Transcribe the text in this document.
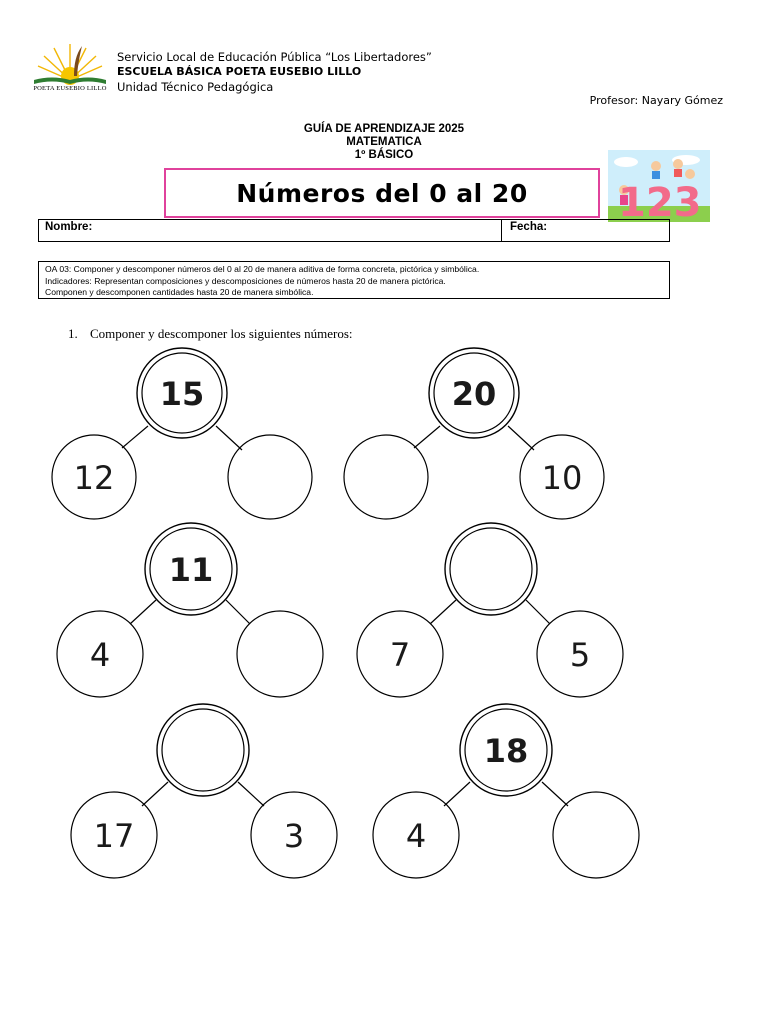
POETA EUSEBIO LILLO
Servicio Local de Educación Pública “Los Libertadores”
ESCUELA BÁSICA POETA EUSEBIO LILLO
Unidad Técnico Pedagógica
Profesor: Nayary Gómez
GUÍA DE APRENDIZAJE 2025
MATEMATICA
1º BÁSICO
Números del 0 al 20 123
Nombre:	Fecha:
OA 03: Componer y descomponer números del 0 al 20 de manera aditiva de forma concreta, pictórica y simbólica.
Indicadores: Representan composiciones y descomposiciones de números hasta 20 de manera pictórica.
Componen y descomponen cantidades hasta 20 de manera simbólica.
1. Componer y descomponer los siguientes números:
15
12
20
10
11
4	7	5
17	3
18
4
